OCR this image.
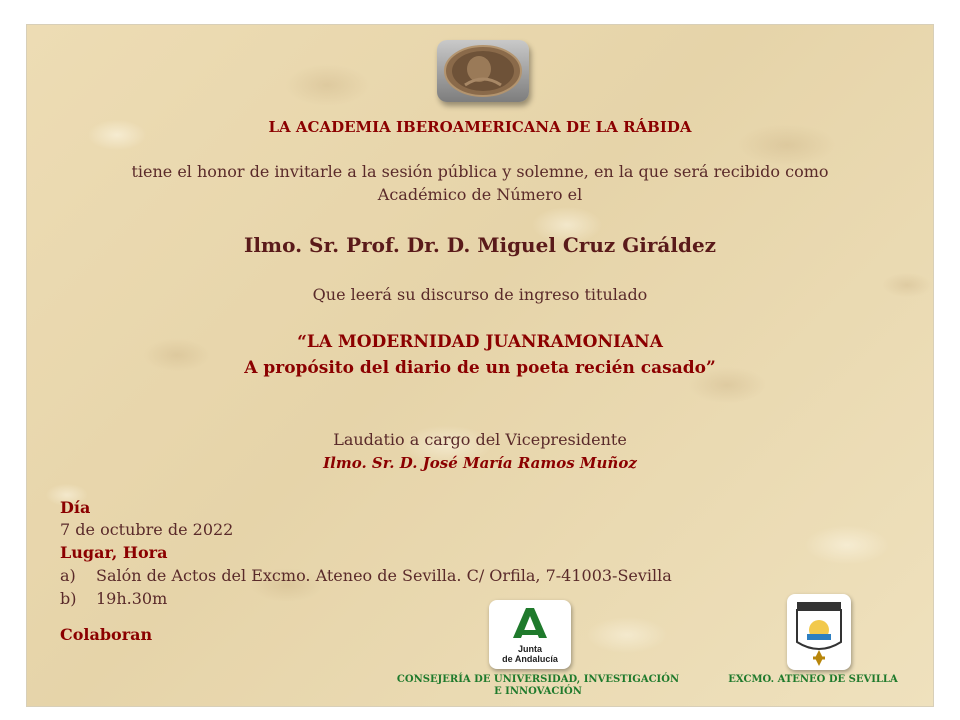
LA ACADEMIA IBEROAMERICANA DE LA RÁBIDA
tiene el honor de invitarle a la sesión pública y solemne, en la que será recibido como
Académico de Número el
Ilmo. Sr. Prof. Dr. D. Miguel Cruz Giráldez
Que leerá su discurso de ingreso titulado
“LA MODERNIDAD JUANRAMONIANA
A propósito del diario de un poeta recién casado”
Laudatio a cargo del Vicepresidente
Ilmo. Sr. D. José María Ramos Muñoz
Día
7 de octubre de 2022
Lugar, Hora
a) Salón de Actos del Excmo. Ateneo de Sevilla. C/ Orfila, 7-41003-Sevilla
b) 19h.30m
Colaboran
Junta
de Andalucía
CONSEJERÍA DE UNIVERSIDAD, INVESTIGACIÓN
E INNOVACIÓN
EXCMO. ATENEO DE SEVILLA
